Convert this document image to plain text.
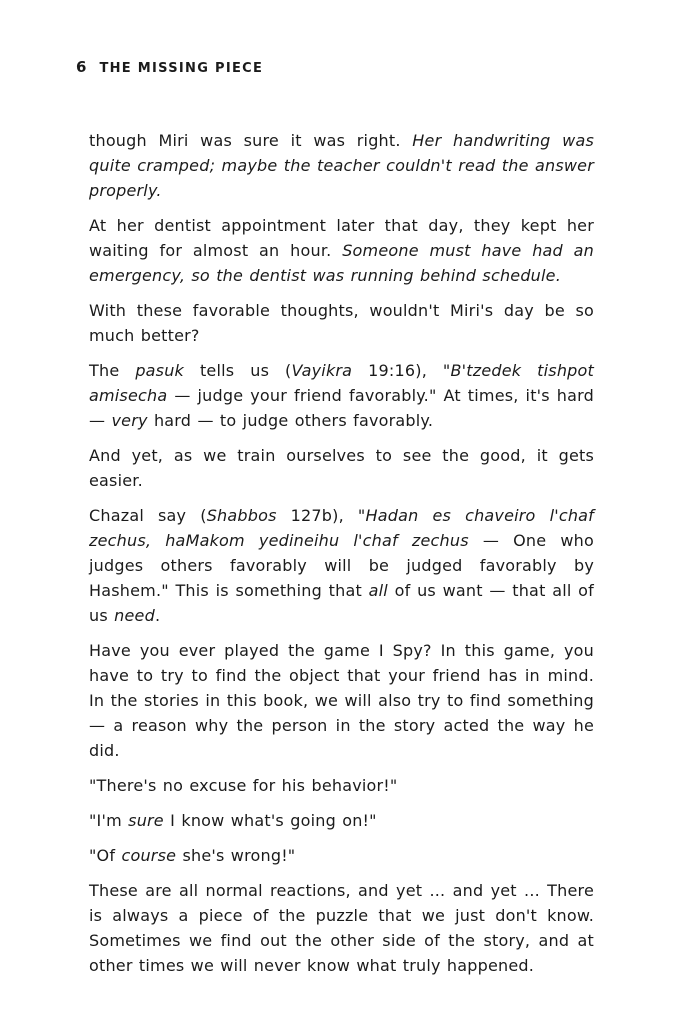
6 THE MISSING PIECE

though Miri was sure it was right. Her handwriting was quite cramped; maybe the teacher couldn't read the answer properly.

At her dentist appointment later that day, they kept her waiting for almost an hour. Someone must have had an emergency, so the dentist was running behind schedule.

With these favorable thoughts, wouldn't Miri's day be so much better?

The pasuk tells us (Vayikra 19:16), "B'tzedek tishpot amisecha — judge your friend favorably." At times, it's hard — very hard — to judge others favorably.

And yet, as we train ourselves to see the good, it gets easier.

Chazal say (Shabbos 127b), "Hadan es chaveiro l'chaf zechus, haMakom yedineihu l'chaf zechus — One who judges others favorably will be judged favorably by Hashem." This is something that all of us want — that all of us need.

Have you ever played the game I Spy? In this game, you have to try to find the object that your friend has in mind. In the stories in this book, we will also try to find something — a reason why the person in the story acted the way he did.

"There's no excuse for his behavior!"

"I'm sure I know what's going on!"

"Of course she's wrong!"

These are all normal reactions, and yet ... and yet ... There is always a piece of the puzzle that we just don't know. Sometimes we find out the other side of the story, and at other times we will never know what truly happened.
